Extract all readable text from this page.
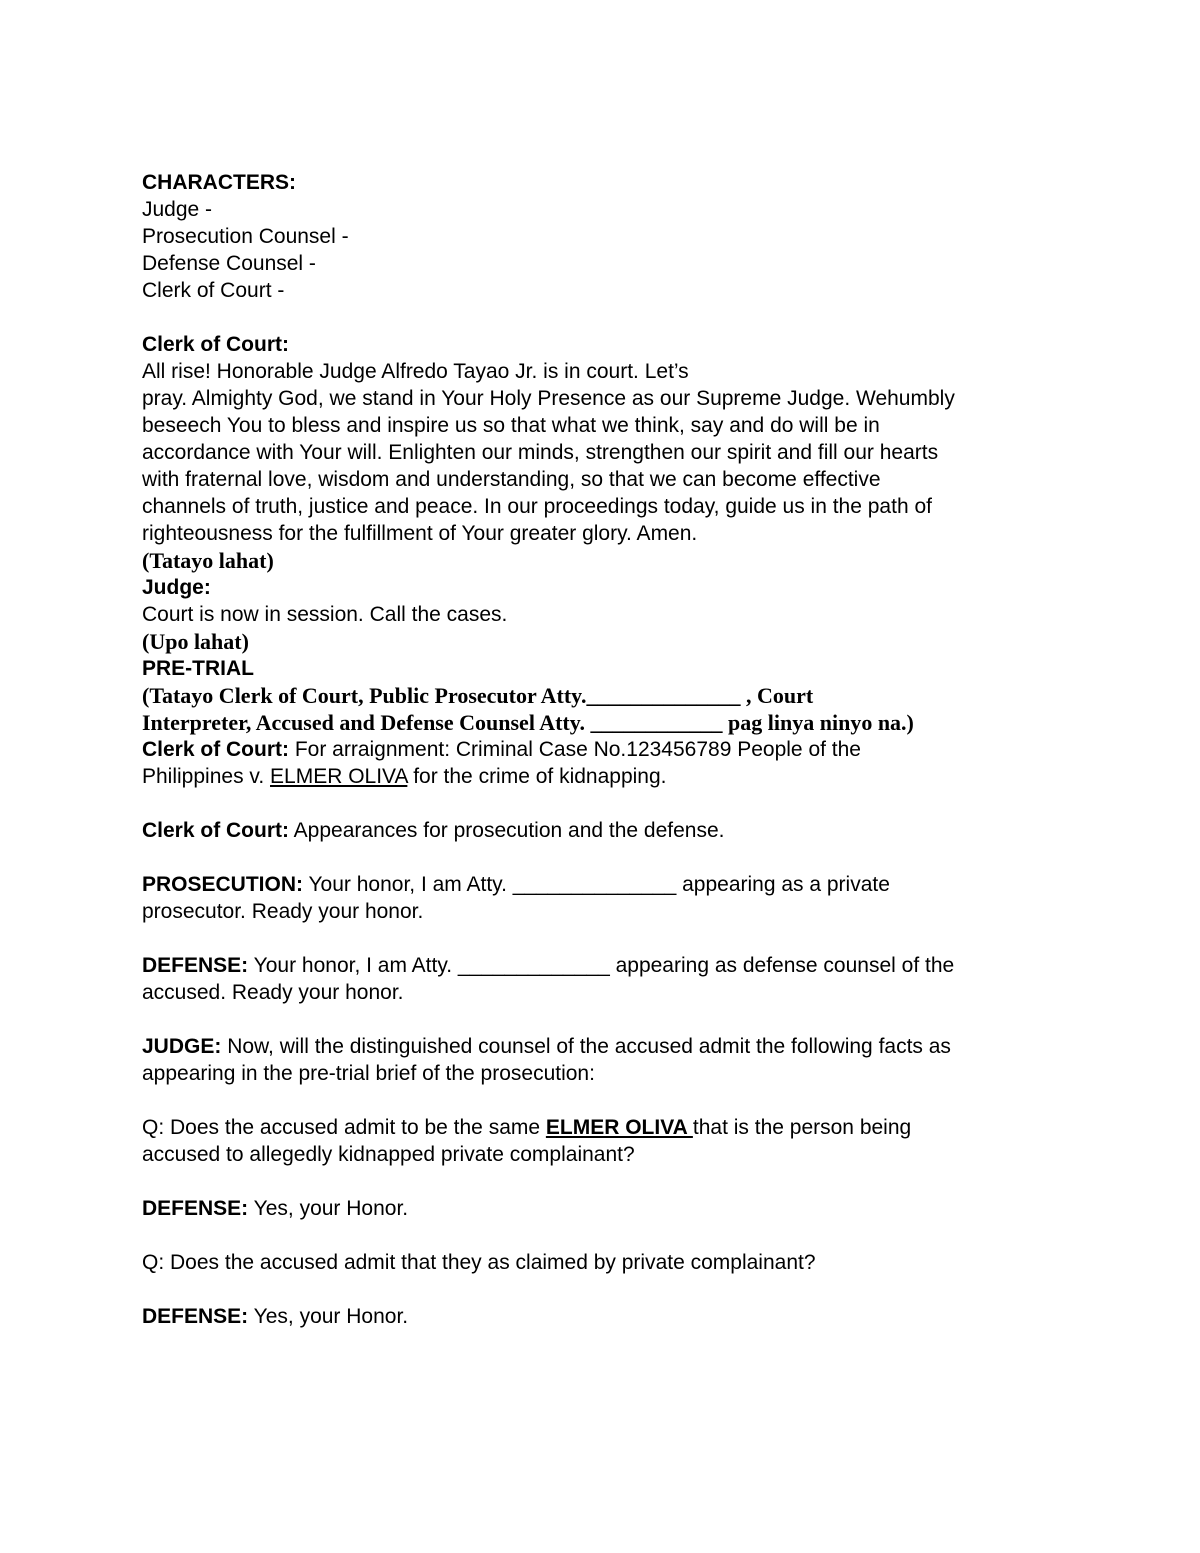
CHARACTERS:
Judge -
Prosecution Counsel -
Defense Counsel -
Clerk of Court -
Clerk of Court:
All rise! Honorable Judge Alfredo Tayao Jr. is in court. Let’s
pray. Almighty God, we stand in Your Holy Presence as our Supreme Judge. Wehumbly
beseech You to bless and inspire us so that what we think, say and do will be in
accordance with Your will. Enlighten our minds, strengthen our spirit and fill our hearts
with fraternal love, wisdom and understanding, so that we can become effective
channels of truth, justice and peace. In our proceedings today, guide us in the path of
righteousness for the fulfillment of Your greater glory. Amen.
(Tatayo lahat)
Judge:
Court is now in session. Call the cases.
(Upo lahat)
PRE-TRIAL
(Tatayo Clerk of Court, Public Prosecutor Atty.______________ , Court
Interpreter, Accused and Defense Counsel Atty. ____________ pag linya ninyo na.)
Clerk of Court: For arraignment: Criminal Case No.123456789 People of the
Philippines v. ELMER OLIVA for the crime of kidnapping.
Clerk of Court: Appearances for prosecution and the defense.
PROSECUTION: Your honor, I am Atty. ______________ appearing as a private
prosecutor. Ready your honor.
DEFENSE: Your honor, I am Atty. _____________ appearing as defense counsel of the
accused. Ready your honor.
JUDGE: Now, will the distinguished counsel of the accused admit the following facts as
appearing in the pre-trial brief of the prosecution:
Q: Does the accused admit to be the same ELMER OLIVA that is the person being
accused to allegedly kidnapped private complainant?
DEFENSE: Yes, your Honor.
Q: Does the accused admit that they as claimed by private complainant?
DEFENSE: Yes, your Honor.
